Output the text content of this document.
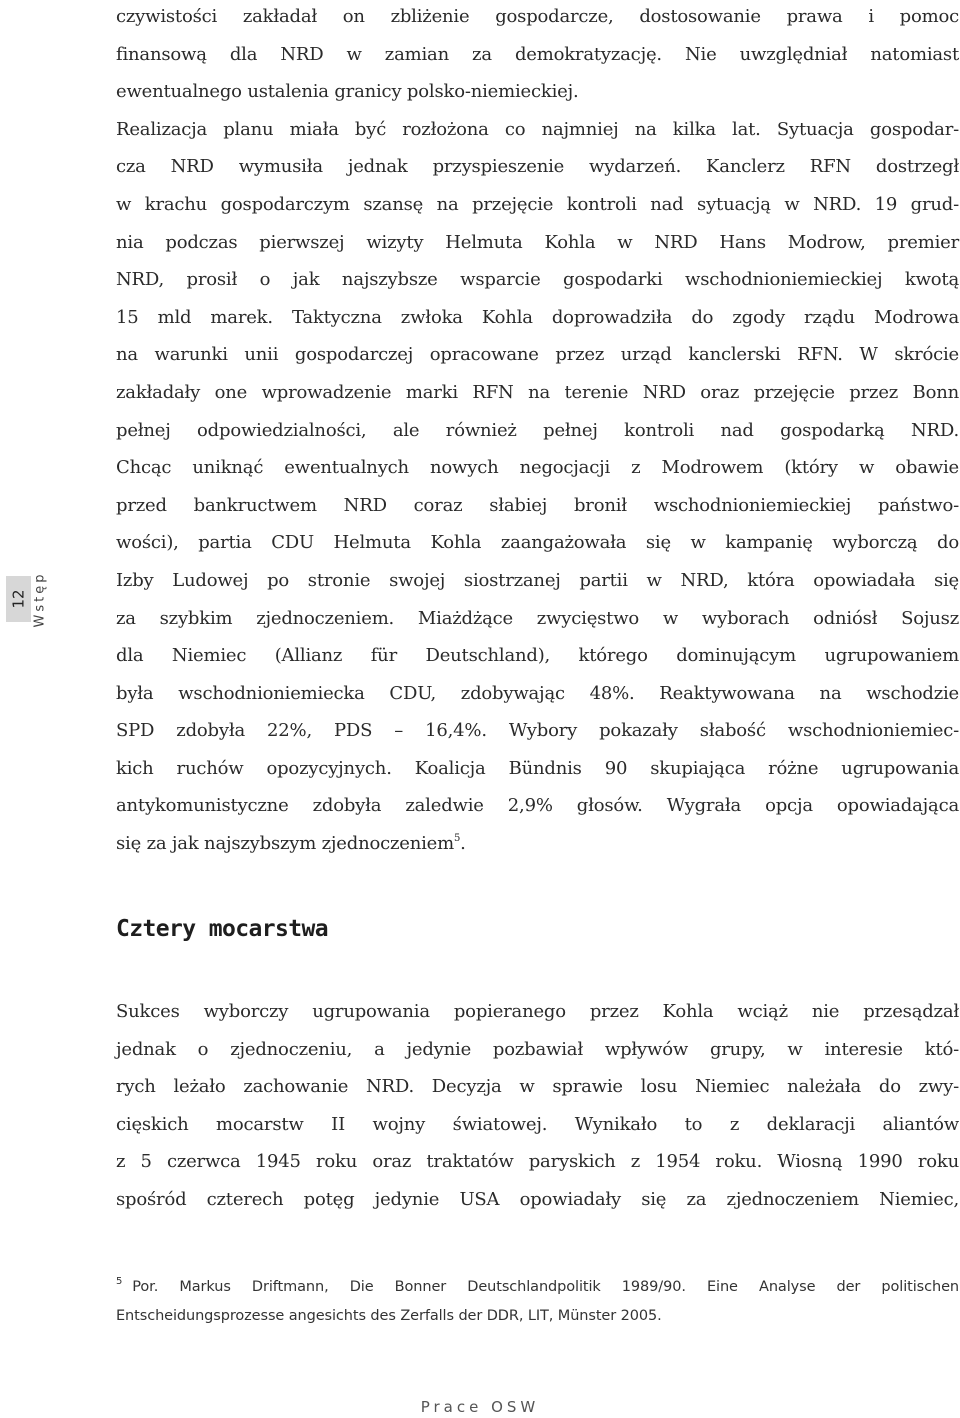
12 Wstęp
czywistości zakładał on zbliżenie gospodarcze, dostosowanie prawa i pomoc
finansową dla NRD w zamian za demokratyzację. Nie uwzględniał natomiast
ewentualnego ustalenia granicy polsko-niemieckiej.
Realizacja planu miała być rozłożona co najmniej na kilka lat. Sytuacja gospodar-
cza NRD wymusiła jednak przyspieszenie wydarzeń. Kanclerz RFN dostrzegł
w krachu gospodarczym szansę na przejęcie kontroli nad sytuacją w NRD. 19 grud-
nia podczas pierwszej wizyty Helmuta Kohla w NRD Hans Modrow, premier
NRD, prosił o jak najszybsze wsparcie gospodarki wschodnioniemieckiej kwotą
15 mld marek. Taktyczna zwłoka Kohla doprowadziła do zgody rządu Modrowa
na warunki unii gospodarczej opracowane przez urząd kanclerski RFN. W skrócie
zakładały one wprowadzenie marki RFN na terenie NRD oraz przejęcie przez Bonn
pełnej odpowiedzialności, ale również pełnej kontroli nad gospodarką NRD.
Chcąc uniknąć ewentualnych nowych negocjacji z Modrowem (który w obawie
przed bankructwem NRD coraz słabiej bronił wschodnioniemieckiej państwo-
wości), partia CDU Helmuta Kohla zaangażowała się w kampanię wyborczą do
Izby Ludowej po stronie swojej siostrzanej partii w NRD, która opowiadała się
za szybkim zjednoczeniem. Miażdżące zwycięstwo w wyborach odniósł Sojusz
dla Niemiec (Allianz für Deutschland), którego dominującym ugrupowaniem
była wschodnioniemiecka CDU, zdobywając 48%. Reaktywowana na wschodzie
SPD zdobyła 22%, PDS – 16,4%. Wybory pokazały słabość wschodnioniemiec-
kich ruchów opozycyjnych. Koalicja Bündnis 90 skupiająca różne ugrupowania
antykomunistyczne zdobyła zaledwie 2,9% głosów. Wygrała opcja opowiadająca
się za jak najszybszym zjednoczeniem$^5$.
Cztery mocarstwa
Sukces wyborczy ugrupowania popieranego przez Kohla wciąż nie przesądzał
jednak o zjednoczeniu, a jedynie pozbawiał wpływów grupy, w interesie któ-
rych leżało zachowanie NRD. Decyzja w sprawie losu Niemiec należała do zwy-
cięskich mocarstw II wojny światowej. Wynikało to z deklaracji aliantów
z 5 czerwca 1945 roku oraz traktatów paryskich z 1954 roku. Wiosną 1990 roku
spośród czterech potęg jedynie USA opowiadały się za zjednoczeniem Niemiec,
$^5$ Por. Markus Driftmann, Die Bonner Deutschlandpolitik 1989/90. Eine Analyse der politischen
Entscheidungsprozesse angesichts des Zerfalls der DDR, LIT, Münster 2005.
Prace OSW
